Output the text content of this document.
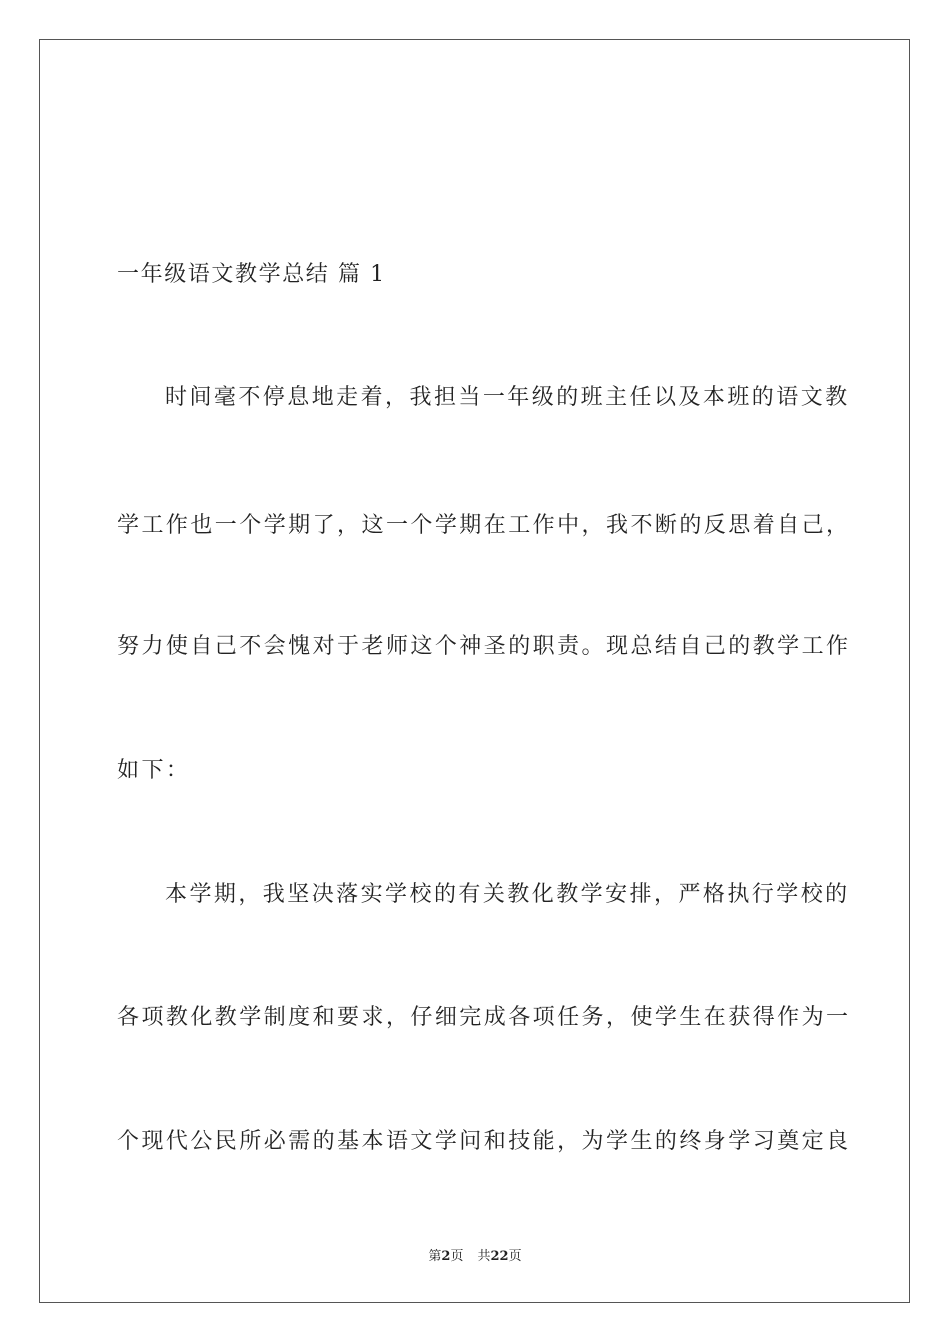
一年级语文教学总结 篇 1
时间毫不停息地走着，我担当一年级的班主任以及本班的语文教
学工作也一个学期了，这一个学期在工作中，我不断的反思着自己，
努力使自己不会愧对于老师这个神圣的职责。现总结自己的教学工作
如下：
本学期，我坚决落实学校的有关教化教学安排，严格执行学校的
各项教化教学制度和要求，仔细完成各项任务，使学生在获得作为一
个现代公民所必需的基本语文学问和技能，为学生的终身学习奠定良
第2页 共22页
